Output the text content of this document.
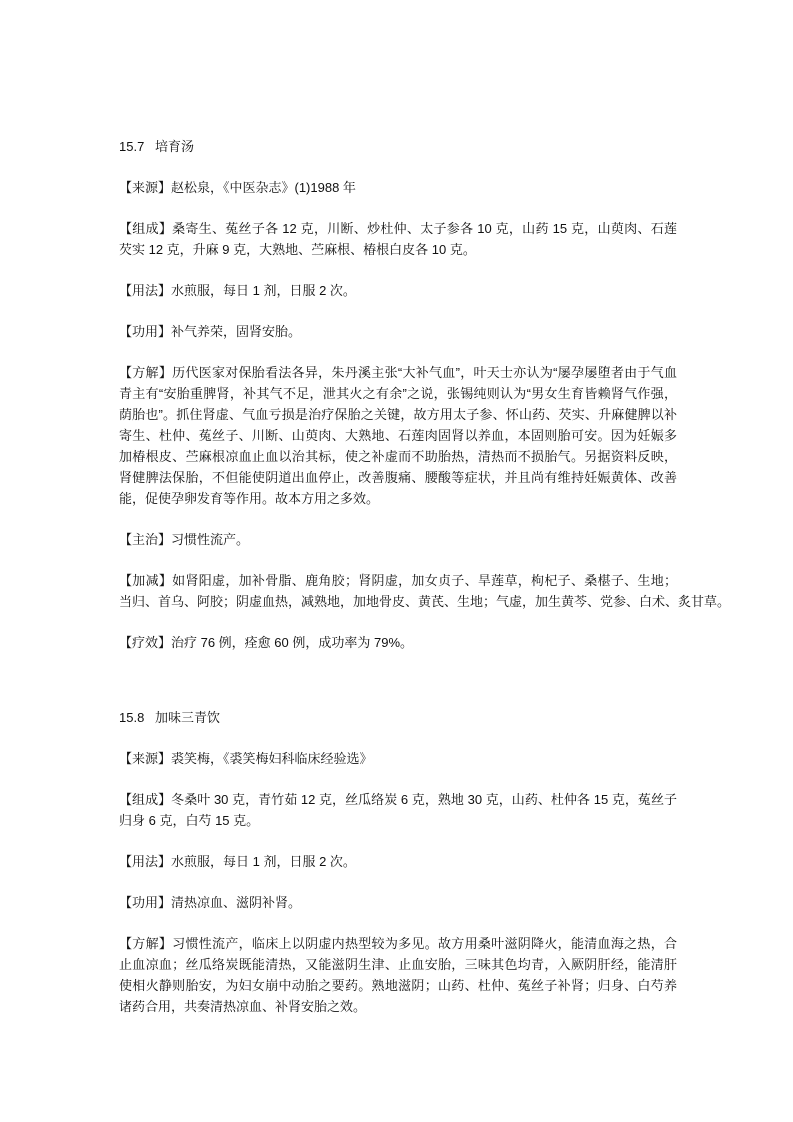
15.7 培育汤
【来源】赵松泉，《中医杂志》(1)1988 年
【组成】桑寄生、菟丝子各 12 克，川断、炒杜仲、太子参各 10 克，山药 15 克，山萸肉、石莲
芡实 12 克，升麻 9 克，大熟地、苎麻根、椿根白皮各 10 克。
【用法】水煎服，每日 1 剂，日服 2 次。
【功用】补气养荣，固肾安胎。
【方解】历代医家对保胎看法各异，朱丹溪主张“大补气血”，叶天士亦认为“屡孕屡堕者由于气血
青主有“安胎重脾肾，补其气不足，泄其火之有余”之说，张锡纯则认为“男女生育皆赖肾气作强，
荫胎也”。抓住肾虚、气血亏损是治疗保胎之关键，故方用太子参、怀山药、芡实、升麻健脾以补
寄生、杜仲、菟丝子、川断、山萸肉、大熟地、石莲肉固肾以养血，本固则胎可安。因为妊娠多
加椿根皮、苎麻根凉血止血以治其标，使之补虚而不助胎热，清热而不损胎气。另据资料反映，
肾健脾法保胎，不但能使阴道出血停止，改善腹痛、腰酸等症状，并且尚有维持妊娠黄体、改善
能，促使孕卵发育等作用。故本方用之多效。
【主治】习惯性流产。
【加减】如肾阳虚，加补骨脂、鹿角胶；肾阴虚，加女贞子、旱莲草，枸杞子、桑椹子、生地；
当归、首乌、阿胶；阴虚血热，减熟地，加地骨皮、黄芪、生地；气虚，加生黄芩、党参、白术、炙甘草。
【疗效】治疗 76 例，痊愈 60 例，成功率为 79%。
15.8 加味三青饮
【来源】裘笑梅，《裘笑梅妇科临床经验选》
【组成】冬桑叶 30 克，青竹茹 12 克，丝瓜络炭 6 克，熟地 30 克，山药、杜仲各 15 克，菟丝子
归身 6 克，白芍 15 克。
【用法】水煎服，每日 1 剂，日服 2 次。
【功用】清热凉血、滋阴补肾。
【方解】习惯性流产，临床上以阴虚内热型较为多见。故方用桑叶滋阴降火，能清血海之热，合
止血凉血；丝瓜络炭既能清热，又能滋阴生津、止血安胎，三味其色均青，入厥阴肝经，能清肝
使相火静则胎安，为妇女崩中动胎之要药。熟地滋阴；山药、杜仲、菟丝子补肾；归身、白芍养
诸药合用，共奏清热凉血、补肾安胎之效。
